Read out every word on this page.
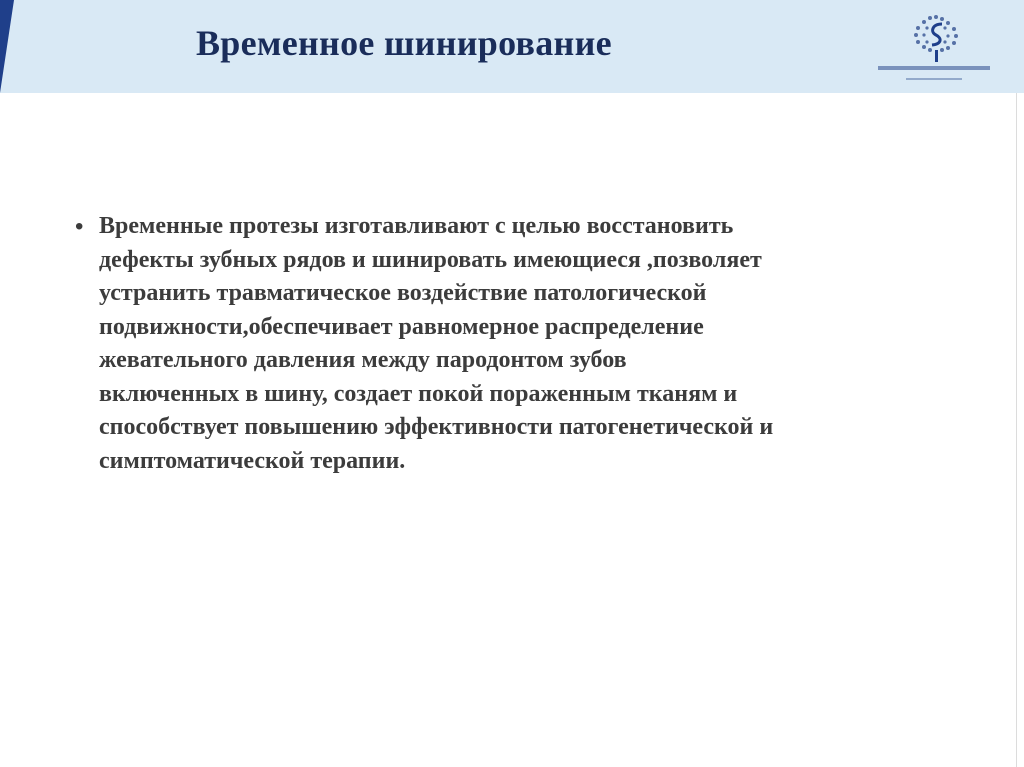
Временное шинирование
• Временные протезы изготавливают с целью восстановить
дефекты зубных рядов и шинировать имеющиеся ,позволяет
устранить травматическое воздействие патологической
подвижности,обеспечивает равномерное распределение
жевательного давления между пародонтом зубов
включенных в шину, создает покой пораженным тканям и
способствует повышению эффективности патогенетической и
симптоматической терапии.
